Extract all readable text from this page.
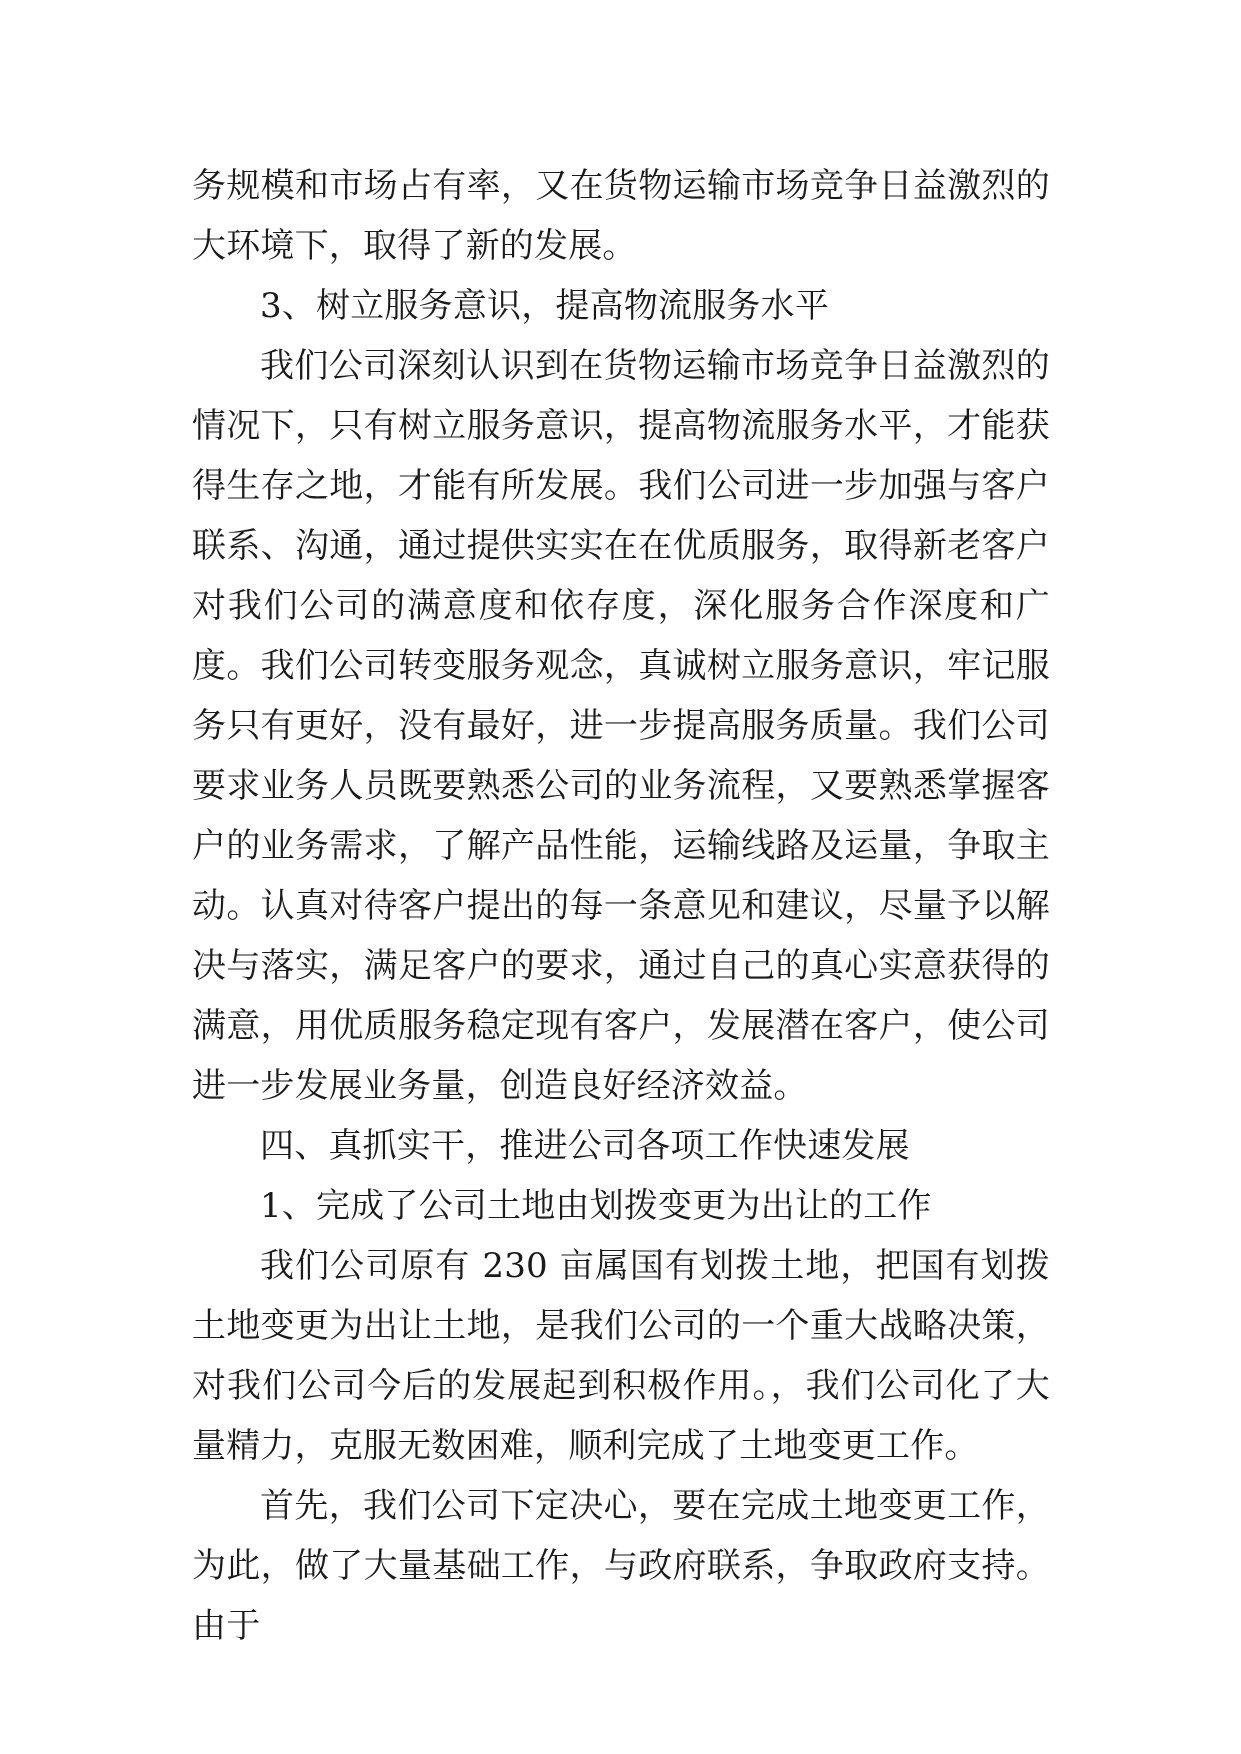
务规模和市场占有率，又在货物运输市场竞争日益激烈的大环境下，取得了新的发展。

3、树立服务意识，提高物流服务水平

我们公司深刻认识到在货物运输市场竞争日益激烈的情况下，只有树立服务意识，提高物流服务水平，才能获得生存之地，才能有所发展。我们公司进一步加强与客户联系、沟通，通过提供实实在在优质服务，取得新老客户对我们公司的满意度和依存度，深化服务合作深度和广度。我们公司转变服务观念，真诚树立服务意识，牢记服务只有更好，没有最好，进一步提高服务质量。我们公司要求业务人员既要熟悉公司的业务流程，又要熟悉掌握客户的业务需求，了解产品性能，运输线路及运量，争取主动。认真对待客户提出的每一条意见和建议，尽量予以解决与落实，满足客户的要求，通过自己的真心实意获得的满意，用优质服务稳定现有客户，发展潜在客户，使公司进一步发展业务量，创造良好经济效益。

四、真抓实干，推进公司各项工作快速发展

1、完成了公司土地由划拨变更为出让的工作

我们公司原有 230 亩属国有划拨土地，把国有划拨土地变更为出让土地，是我们公司的一个重大战略决策，对我们公司今后的发展起到积极作用。，我们公司化了大量精力，克服无数困难，顺利完成了土地变更工作。

首先，我们公司下定决心，要在完成土地变更工作，为此，做了大量基础工作，与政府联系，争取政府支持。由于
